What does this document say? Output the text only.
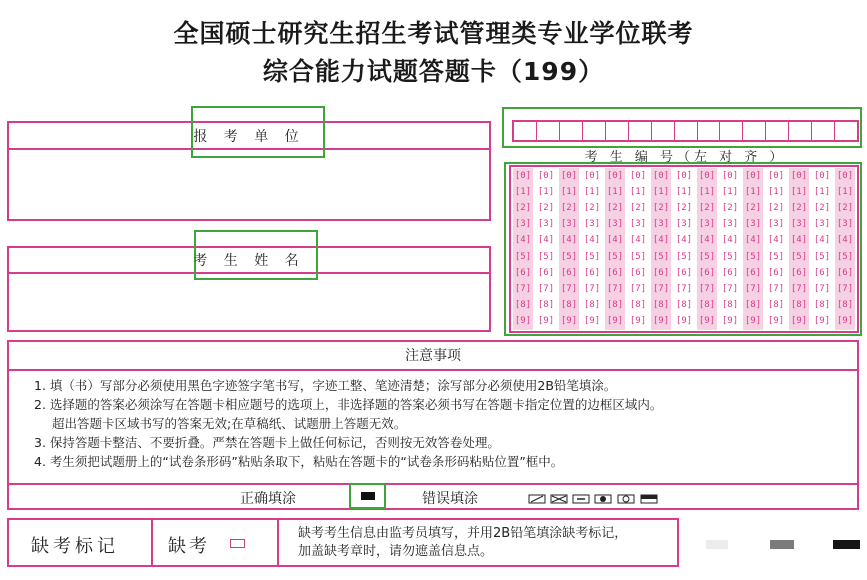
全国硕士研究生招生考试管理类专业学位联考
综合能力试题答题卡（199）
报 考 单 位
考 生 姓 名
考 生 编 号（左 对 齐 ）
[0] [0] [0] [0] [0] [0] [0] [0] [0] [0] [0] [0] [0] [0] [0]
[1] [1] [1] [1] [1] [1] [1] [1] [1] [1] [1] [1] [1] [1] [1]
[2] [2] [2] [2] [2] [2] [2] [2] [2] [2] [2] [2] [2] [2] [2]
[3] [3] [3] [3] [3] [3] [3] [3] [3] [3] [3] [3] [3] [3] [3]
[4] [4] [4] [4] [4] [4] [4] [4] [4] [4] [4] [4] [4] [4] [4]
[5] [5] [5] [5] [5] [5] [5] [5] [5] [5] [5] [5] [5] [5] [5]
[6] [6] [6] [6] [6] [6] [6] [6] [6] [6] [6] [6] [6] [6] [6]
[7] [7] [7] [7] [7] [7] [7] [7] [7] [7] [7] [7] [7] [7] [7]
[8] [8] [8] [8] [8] [8] [8] [8] [8] [8] [8] [8] [8] [8] [8]
[9] [9] [9] [9] [9] [9] [9] [9] [9] [9] [9] [9] [9] [9] [9]
注意事项
1. 填（书）写部分必须使用黑色字迹签字笔书写，字迹工整、笔迹清楚；涂写部分必须使用2B铅笔填涂。
2. 选择题的答案必须涂写在答题卡相应题号的选项上，非选择题的答案必须书写在答题卡指定位置的边框区域内。
超出答题卡区域书写的答案无效;在草稿纸、试题册上答题无效。
3. 保持答题卡整洁、不要折叠。严禁在答题卡上做任何标记，否则按无效答卷处理。
4. 考生须把试题册上的“试卷条形码”粘贴条取下，粘贴在答题卡的“试卷条形码粘贴位置”框中。
正确填涂	错误填涂
缺考标记	缺考
缺考考生信息由监考员填写，并用2B铅笔填涂缺考标记，
加盖缺考章时，请勿遮盖信息点。
